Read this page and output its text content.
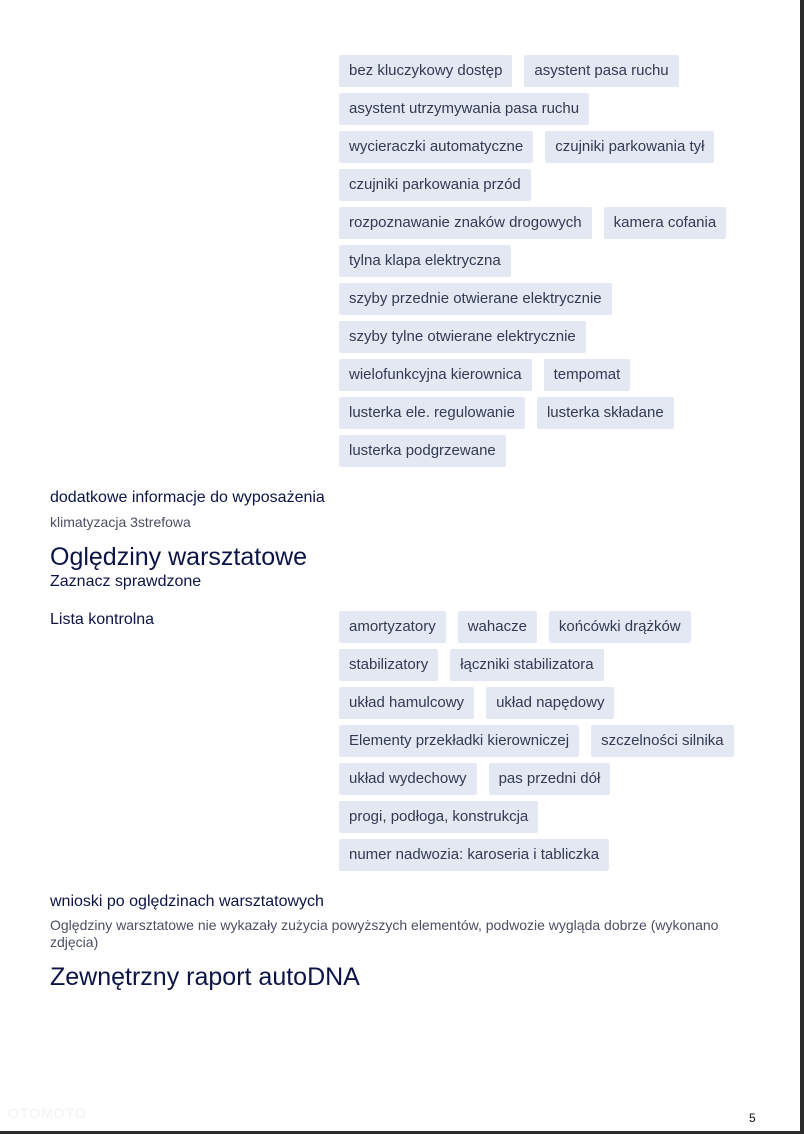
bez kluczykowy dostęp	asystent pasa ruchu
asystent utrzymywania pasa ruchu
wycieraczki automatyczne	czujniki parkowania tył
czujniki parkowania przód
rozpoznawanie znaków drogowych	kamera cofania
tylna klapa elektryczna
szyby przednie otwierane elektrycznie
szyby tylne otwierane elektrycznie
wielofunkcyjna kierownica	tempomat
lusterka ele. regulowanie	lusterka składane
lusterka podgrzewane

dodatkowe informacje do wyposażenia

klimatyzacja 3strefowa

Oględziny warsztatowe

Zaznacz sprawdzone

Lista kontrolna	amortyzatory	wahacze	końcówki drążków
stabilizatory	łączniki stabilizatora
układ hamulcowy	układ napędowy
Elementy przekładki kierowniczej	szczelności silnika
układ wydechowy	pas przedni dół
progi, podłoga, konstrukcja
numer nadwozia: karoseria i tabliczka

wnioski po oględzinach warsztatowych

Oględziny warsztatowe nie wykazały zużycia powyższych elementów, podwozie wygląda dobrze (wykonano zdjęcia)

Zewnętrzny raport autoDNA
OTOMOTO	5
